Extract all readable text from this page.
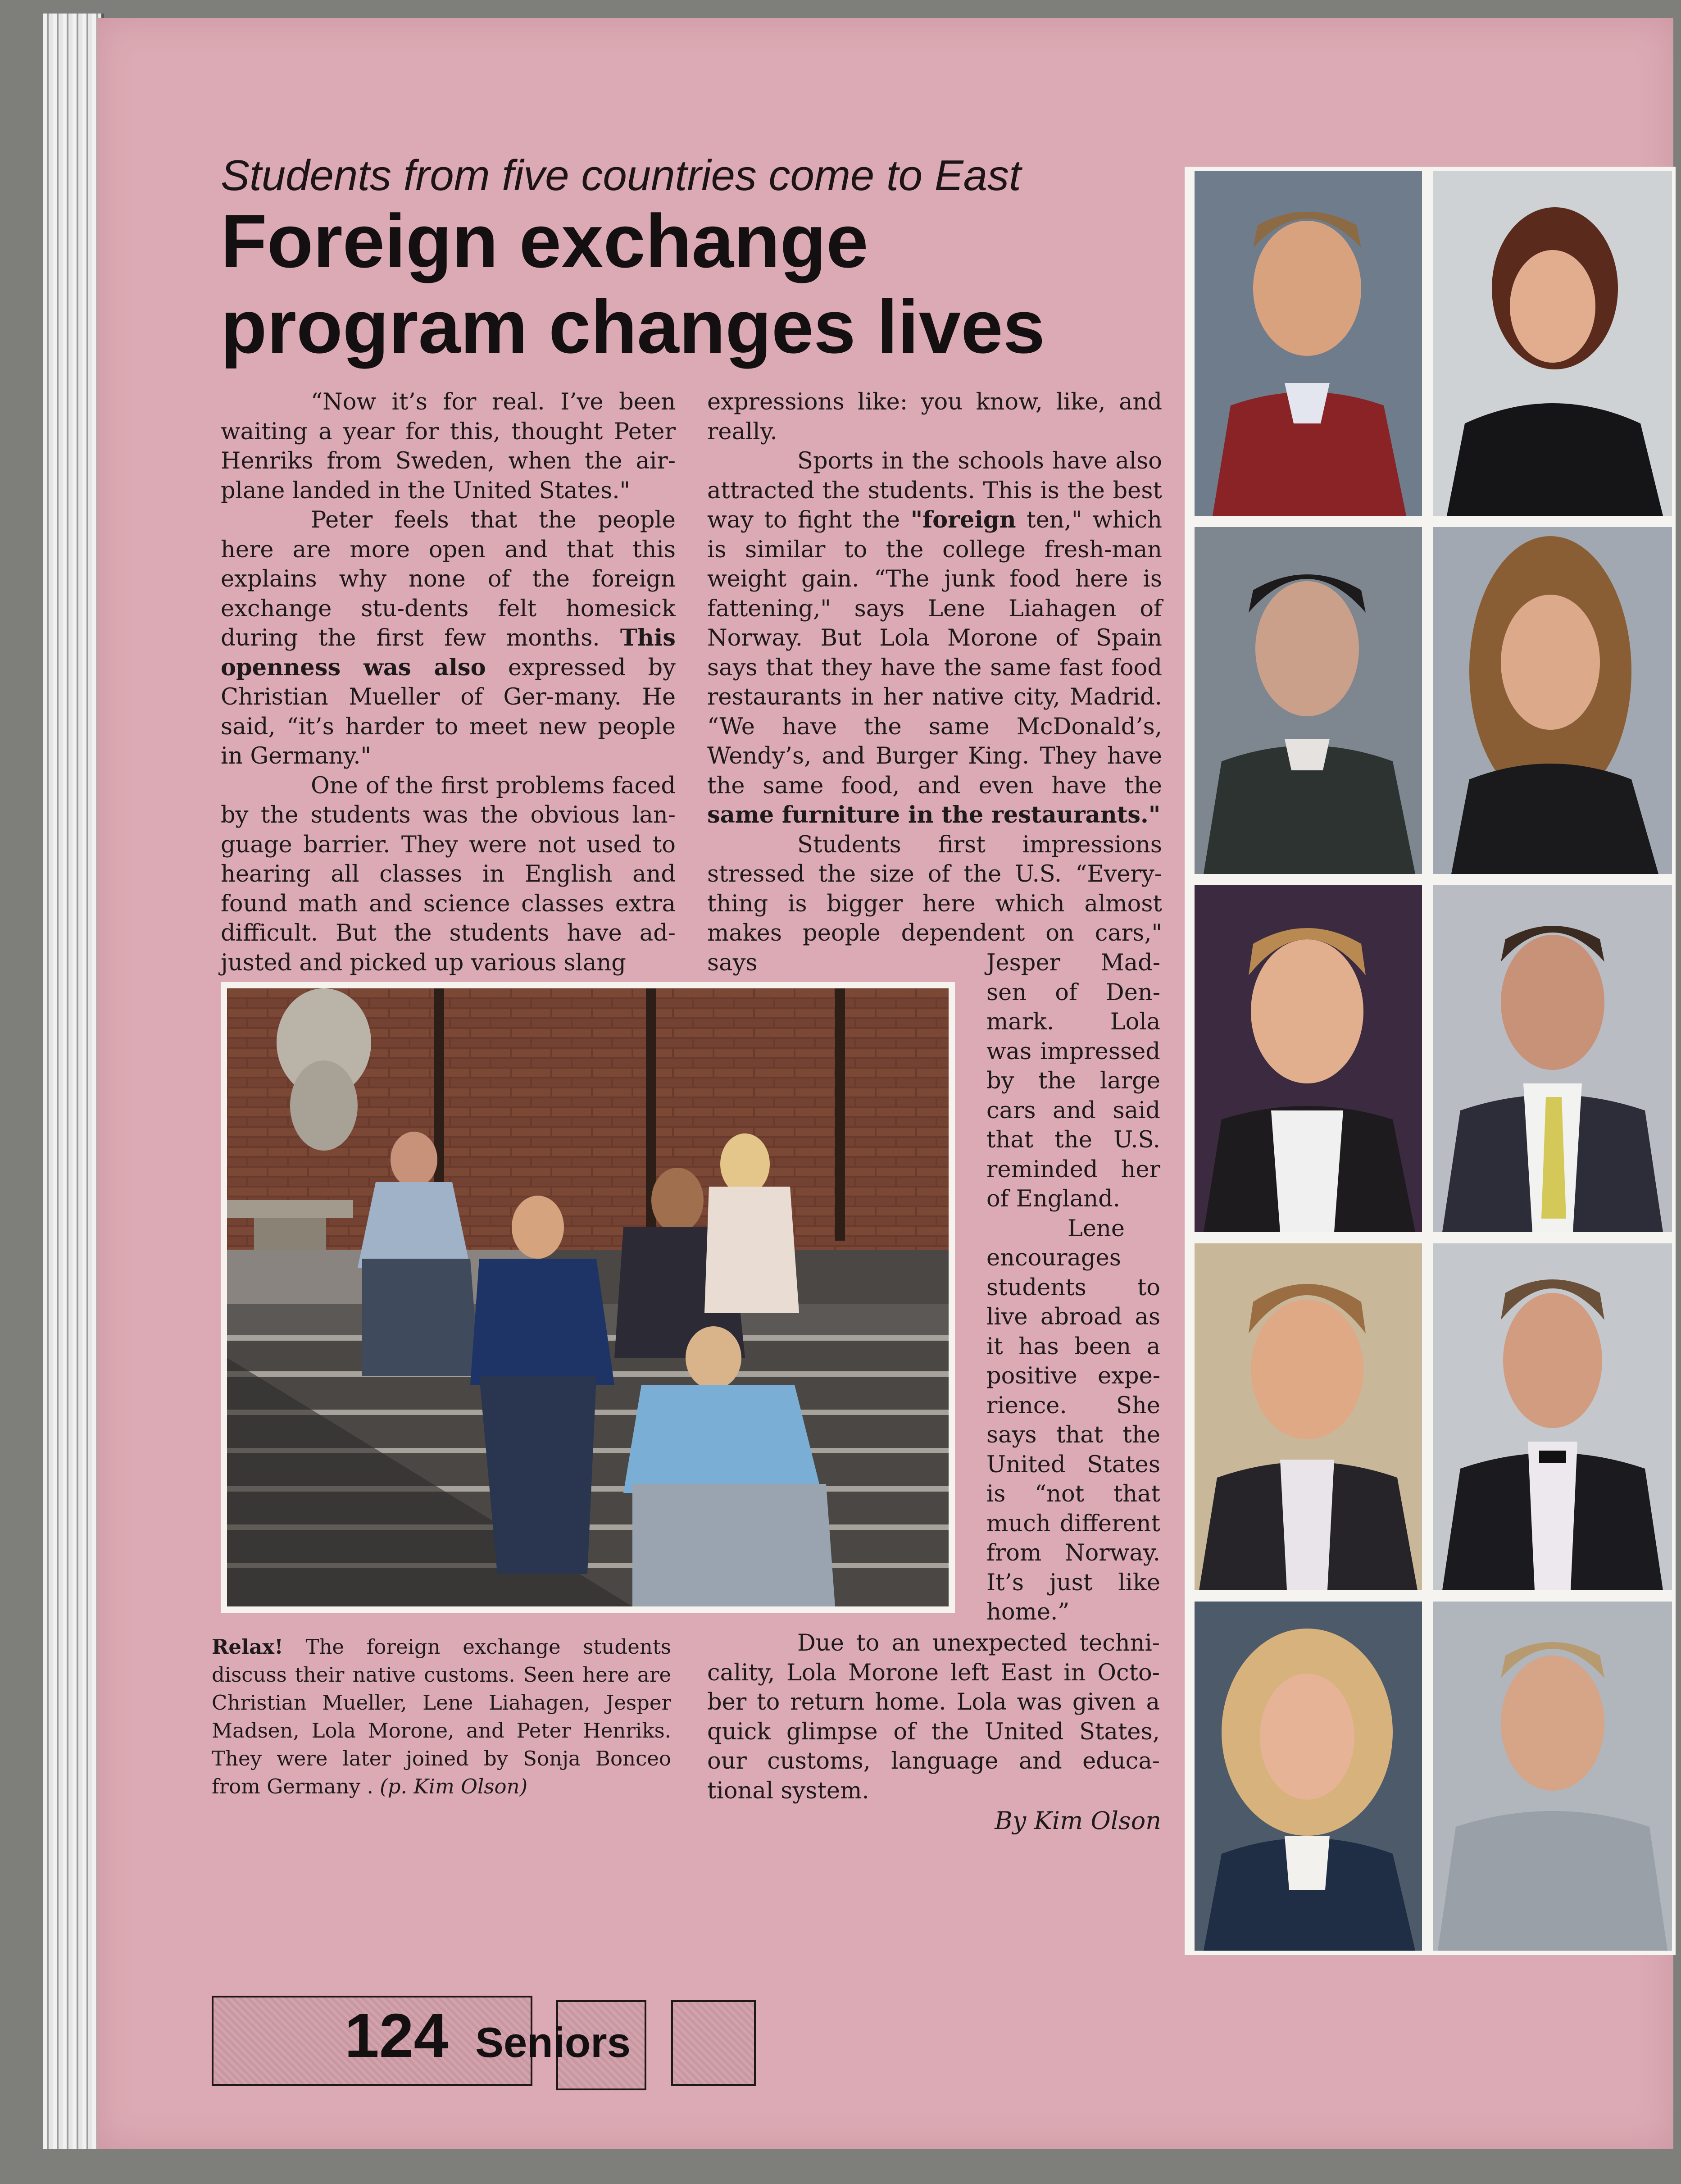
Students from five countries come to East
Foreign exchange program changes lives

“Now it’s for real. I’ve been waiting a year for this, thought Peter Henriks from Sweden, when the air-plane landed in the United States."

Peter feels that the people here are more open and that this explains why none of the foreign exchange stu-dents felt homesick during the first few months. This openness was also expressed by Christian Mueller of Ger-many. He said, “it’s harder to meet new people in Germany."

One of the first problems faced by the students was the obvious lan-guage barrier. They were not used to hearing all classes in English and found math and science classes extra difficult. But the students have ad-justed and picked up various slang

expressions like: you know, like, and really.

Sports in the schools have also attracted the students. This is the best way to fight the "foreign ten," which is similar to the college fresh-man weight gain. “The junk food here is fattening," says Lene Liahagen of Norway. But Lola Morone of Spain says that they have the same fast food restaurants in her native city, Madrid. “We have the same McDonald’s, Wendy’s, and Burger King. They have the same food, and even have the same furniture in the restaurants."

Students first impressions stressed the size of the U.S. “Every-thing is bigger here which almost makes people dependent on cars," says	Jesper Mad-sen of Den-mark. Lola was impressed by the large cars and said that the U.S. reminded her of England.

Lene encourages students to live abroad as it has been a positive expe-rience. She says that the United States is “not that much different from Norway. It’s just like home.”

Due to an unexpected techni-cality, Lola Morone left East in Octo-ber to return home. Lola was given a quick glimpse of the United States, our customs, language and educa-tional system.

By Kim Olson
Relax! The foreign exchange students discuss their native customs. Seen here are Christian Mueller, Lene Liahagen, Jesper Madsen, Lola Morone, and Peter Henriks. They were later joined by Sonja Bonceo from Germany . (p. Kim Olson)
124 Seniors
